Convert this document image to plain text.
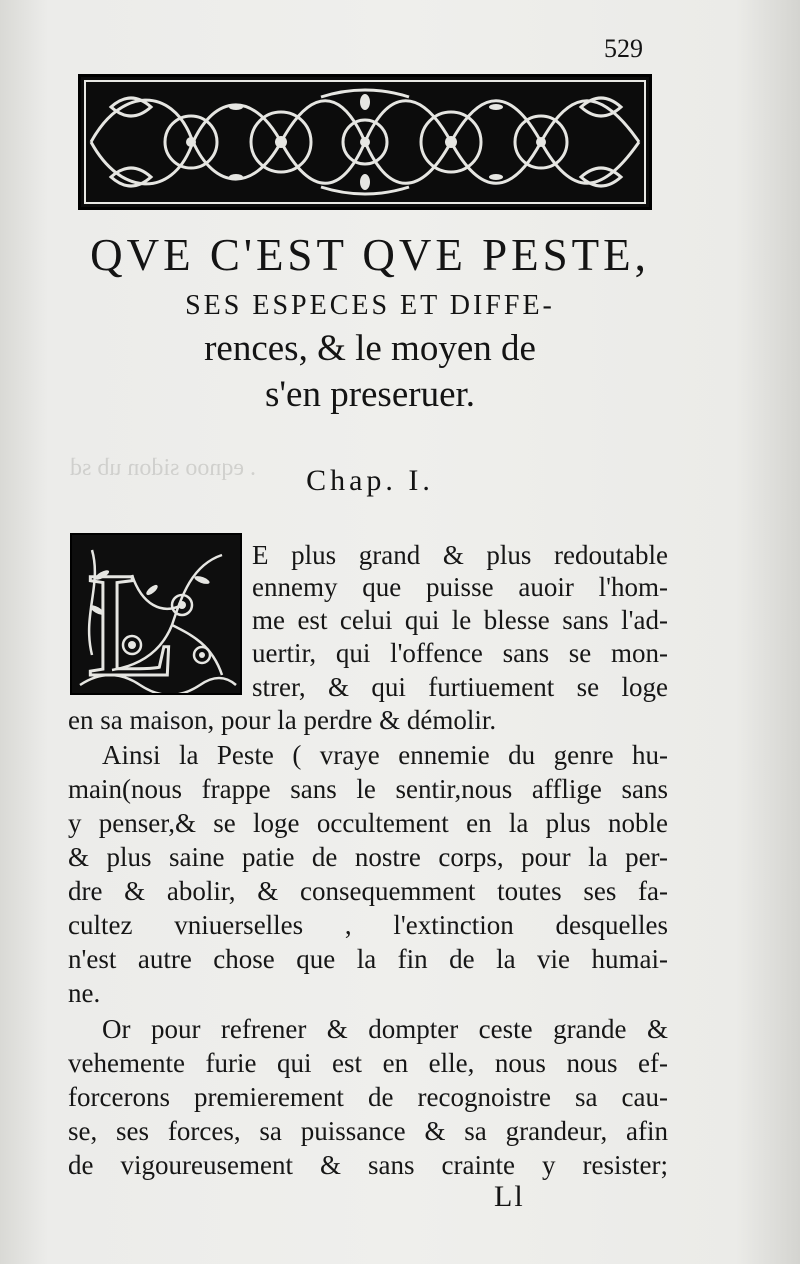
. eqnoo sidon ub sd
529
QVE C'EST QVE PESTE,
SES ESPECES ET DIFFE-
rences, & le moyen de
s'en preseruer.
Chap. I.
L	E plus grand & plus redoutable
ennemy que puisse auoir l'hom-
me est celui qui le blesse sans l'ad-
uertir, qui l'offence sans se mon-
strer, & qui furtiuement se loge
en sa maison, pour la perdre & démolir.
Ainsi la Peste ( vraye ennemie du genre hu-
main(nous frappe sans le sentir,nous afflige sans
y penser,& se loge occultement en la plus noble
& plus saine patie de nostre corps, pour la per-
dre & abolir, & consequemment toutes ses fa-
cultez vniuerselles , l'extinction desquelles
n'est autre chose que la fin de la vie humai-
ne.
Or pour refrener & dompter ceste grande &
vehemente furie qui est en elle, nous nous ef-
forcerons premierement de recognoistre sa cau-
se, ses forces, sa puissance & sa grandeur, afin
de vigoureusement & sans crainte y resister;
Ll
